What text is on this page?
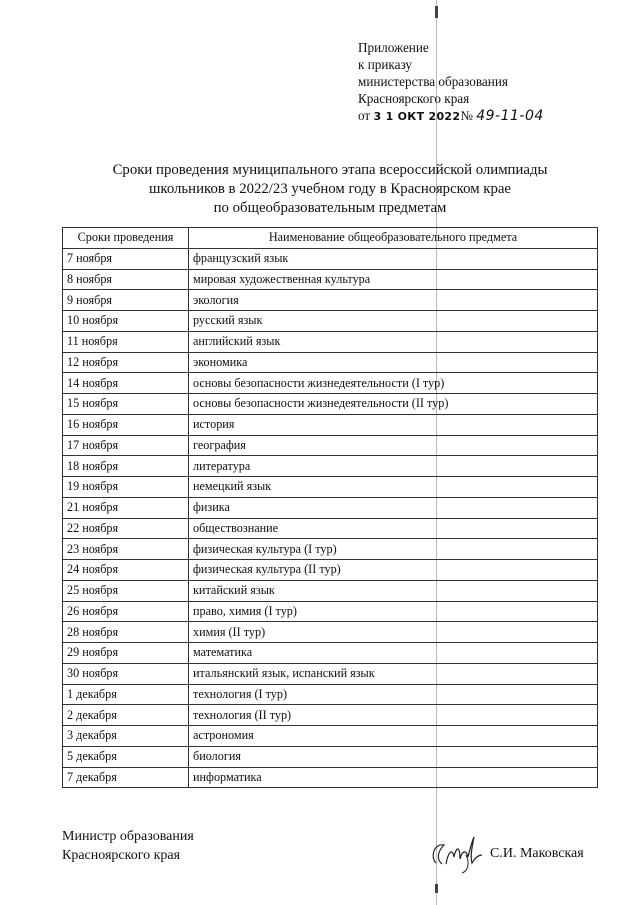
Приложение
к приказу
министерства образования
Красноярского края
от 3 1 ОКТ 2022№ 49-11-04
Сроки проведения муниципального этапа всероссийской олимпиады
школьников в 2022/23 учебном году в Красноярском крае
по общеобразовательным предметам
Сроки проведения	Наименование общеобразовательного предмета
7 ноября	французский язык
8 ноября	мировая художественная культура
9 ноября	экология
10 ноября	русский язык
11 ноября	английский язык
12 ноября	экономика
14 ноября	основы безопасности жизнедеятельности (I тур)
15 ноября	основы безопасности жизнедеятельности (II тур)
16 ноября	история
17 ноября	география
18 ноября	литература
19 ноября	немецкий язык
21 ноября	физика
22 ноября	обществознание
23 ноября	физическая культура (I тур)
24 ноября	физическая культура (II тур)
25 ноября	китайский язык
26 ноября	право, химия (I тур)
28 ноября	химия (II тур)
29 ноября	математика
30 ноября	итальянский язык, испанский язык
1 декабря	технология (I тур)
2 декабря	технология (II тур)
3 декабря	астрономия
5 декабря	биология
7 декабря	информатика
Министр образования
Красноярского края	С.И. Маковская
